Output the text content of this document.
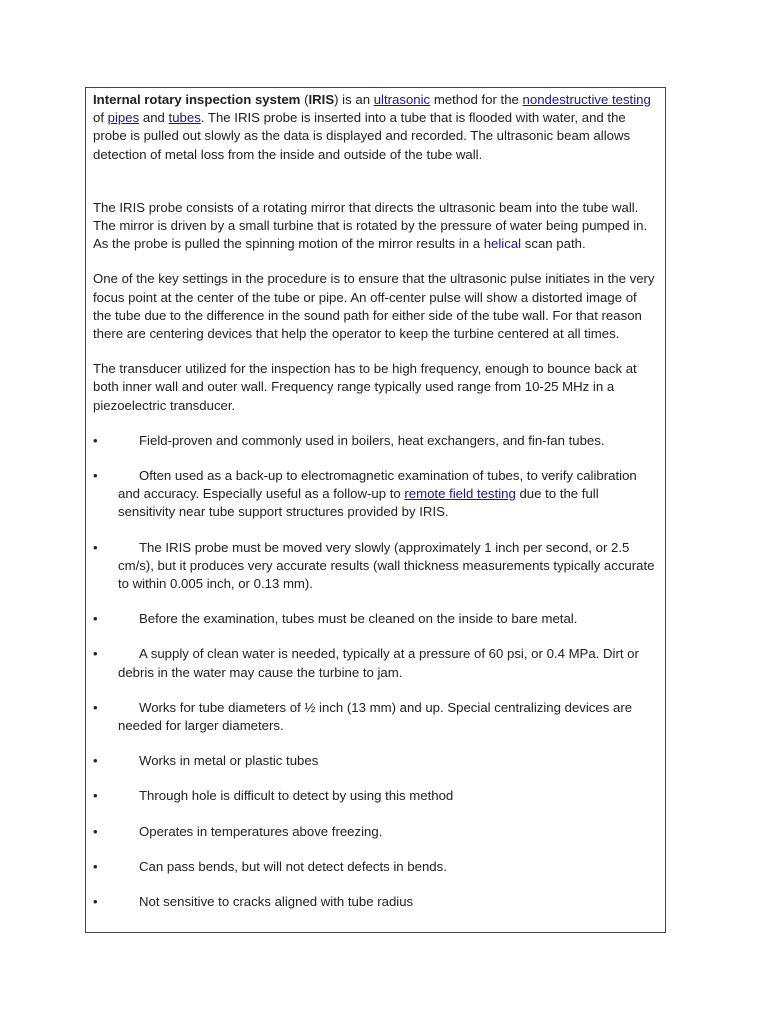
Internal rotary inspection system (IRIS) is an ultrasonic method for the nondestructive testing of pipes and tubes. The IRIS probe is inserted into a tube that is flooded with water, and the probe is pulled out slowly as the data is displayed and recorded. The ultrasonic beam allows detection of metal loss from the inside and outside of the tube wall.

The IRIS probe consists of a rotating mirror that directs the ultrasonic beam into the tube wall. The mirror is driven by a small turbine that is rotated by the pressure of water being pumped in. As the probe is pulled the spinning motion of the mirror results in a helical scan path.

One of the key settings in the procedure is to ensure that the ultrasonic pulse initiates in the very focus point at the center of the tube or pipe. An off-center pulse will show a distorted image of the tube due to the difference in the sound path for either side of the tube wall. For that reason there are centering devices that help the operator to keep the turbine centered at all times.

The transducer utilized for the inspection has to be high frequency, enough to bounce back at both inner wall and outer wall. Frequency range typically used range from 10-25 MHz in a piezoelectric transducer.

•	Field-proven and commonly used in boilers, heat exchangers, and fin-fan tubes.
•	Often used as a back-up to electromagnetic examination of tubes, to verify calibration and accuracy. Especially useful as a follow-up to remote field testing due to the full sensitivity near tube support structures provided by IRIS.
•	The IRIS probe must be moved very slowly (approximately 1 inch per second, or 2.5 cm/s), but it produces very accurate results (wall thickness measurements typically accurate to within 0.005 inch, or 0.13 mm).
•	Before the examination, tubes must be cleaned on the inside to bare metal.
•	A supply of clean water is needed, typically at a pressure of 60 psi, or 0.4 MPa. Dirt or debris in the water may cause the turbine to jam.
•	Works for tube diameters of ½ inch (13 mm) and up. Special centralizing devices are needed for larger diameters.
•	Works in metal or plastic tubes
•	Through hole is difficult to detect by using this method
•	Operates in temperatures above freezing.
•	Can pass bends, but will not detect defects in bends.
•	Not sensitive to cracks aligned with tube radius
